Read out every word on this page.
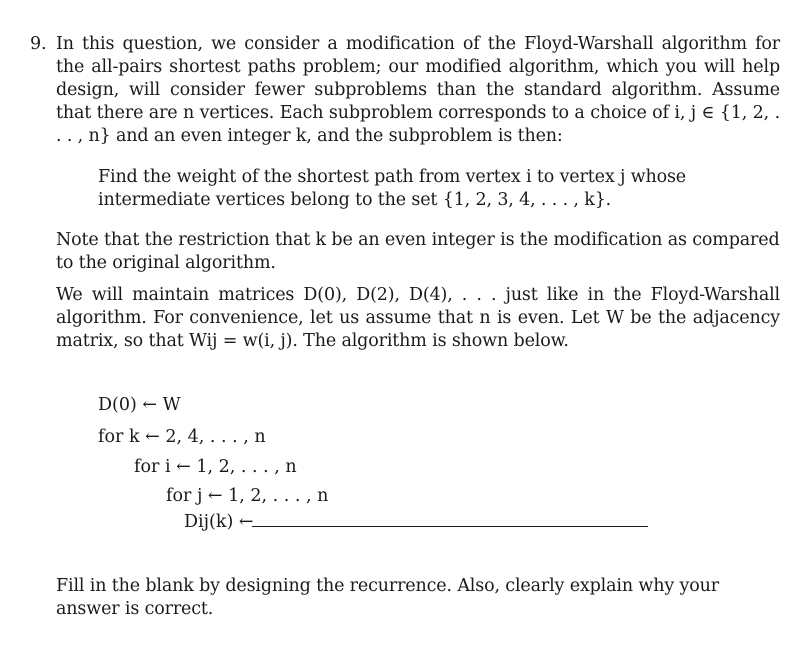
9. In this question, we consider a modification of the Floyd-Warshall algorithm for the all-pairs shortest paths problem; our modified algorithm, which you will help design, will consider fewer subproblems than the standard algorithm. Assume that there are n vertices. Each subproblem corresponds to a choice of i, j ∈ {1, 2, . . . , n} and an even integer k, and the subproblem is then:
Find the weight of the shortest path from vertex i to vertex j whose intermediate vertices belong to the set {1, 2, 3, 4, . . . , k}.
Note that the restriction that k be an even integer is the modification as compared to the original algorithm.
We will maintain matrices D(0), D(2), D(4), . . . just like in the Floyd-Warshall algorithm. For convenience, let us assume that n is even. Let W be the adjacency matrix, so that Wij = w(i, j). The algorithm is shown below.
D(0) ← W
for k ← 2, 4, . . . , n
for i ← 1, 2, . . . , n
for j ← 1, 2, . . . , n
Dij(k) ←
Fill in the blank by designing the recurrence. Also, clearly explain why your answer is correct.
